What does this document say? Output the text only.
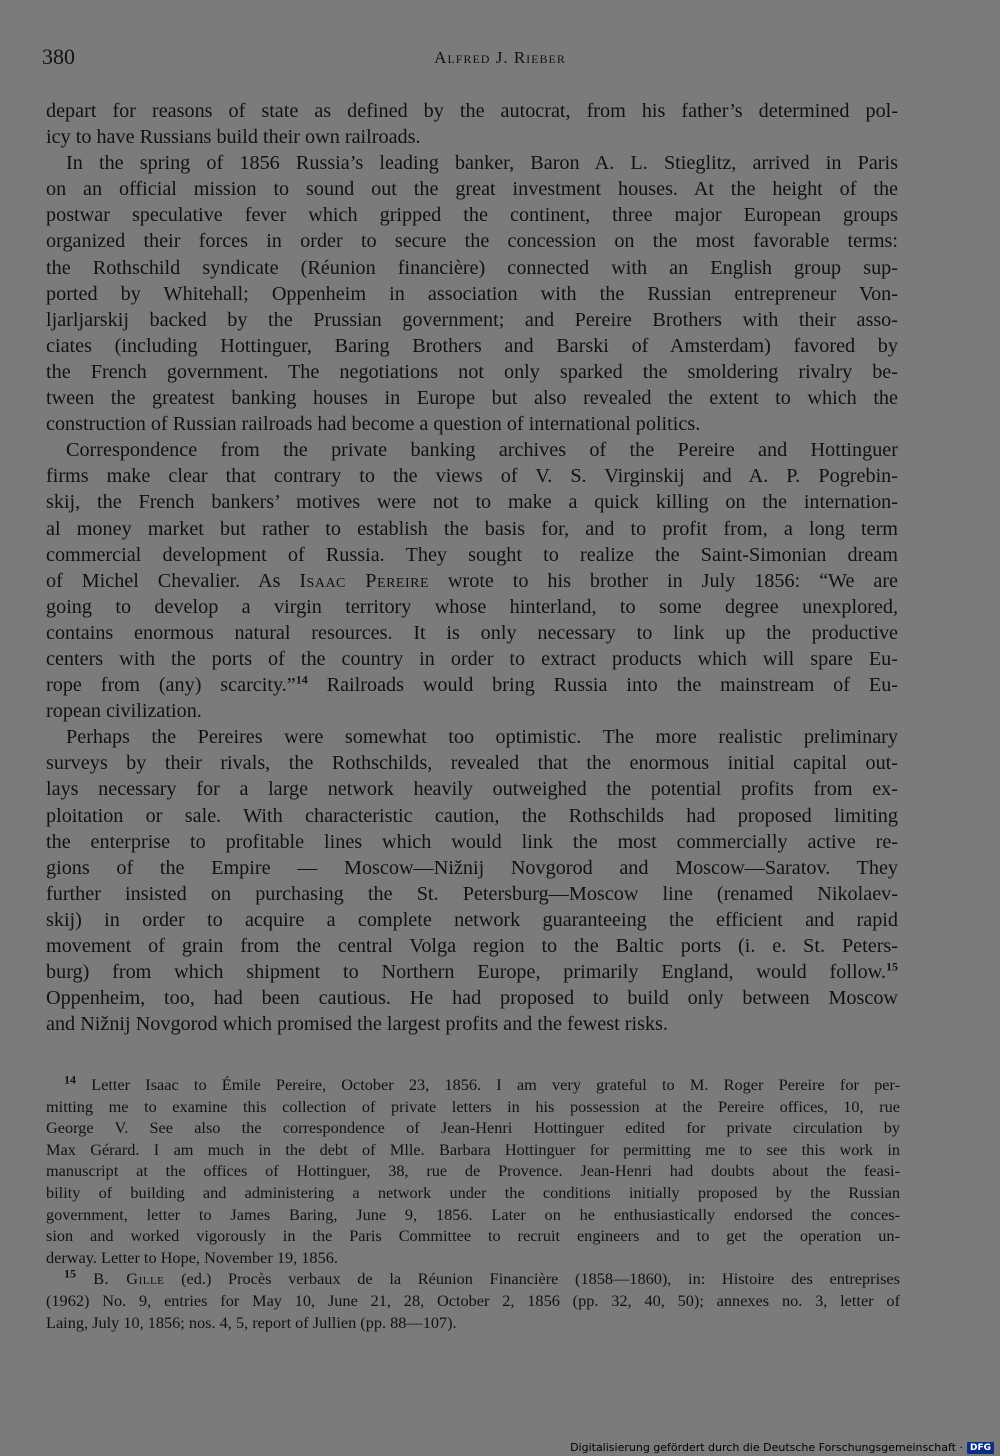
380	Alfred J. Rieber

depart for reasons of state as defined by the autocrat, from his father’s determined pol-
icy to have Russians build their own railroads.

In the spring of 1856 Russia’s leading banker, Baron A. L. Stieglitz, arrived in Paris
on an official mission to sound out the great investment houses. At the height of the
postwar speculative fever which gripped the continent, three major European groups
organized their forces in order to secure the concession on the most favorable terms:
the Rothschild syndicate (Réunion financière) connected with an English group sup-
ported by Whitehall; Oppenheim in association with the Russian entrepreneur Von-
ljarljarskij backed by the Prussian government; and Pereire Brothers with their asso-
ciates (including Hottinguer, Baring Brothers and Barski of Amsterdam) favored by
the French government. The negotiations not only sparked the smoldering rivalry be-
tween the greatest banking houses in Europe but also revealed the extent to which the
construction of Russian railroads had become a question of international politics.

Correspondence from the private banking archives of the Pereire and Hottinguer
firms make clear that contrary to the views of V. S. Virginskij and A. P. Pogrebin-
skij, the French bankers’ motives were not to make a quick killing on the internation-
al money market but rather to establish the basis for, and to profit from, a long term
commercial development of Russia. They sought to realize the Saint-Simonian dream
of Michel Chevalier. As Isaac Pereire wrote to his brother in July 1856: “We are
going to develop a virgin territory whose hinterland, to some degree unexplored,
contains enormous natural resources. It is only necessary to link up the productive
centers with the ports of the country in order to extract products which will spare Eu-
rope from (any) scarcity.”$^{14}$ Railroads would bring Russia into the mainstream of Eu-
ropean civilization.

Perhaps the Pereires were somewhat too optimistic. The more realistic preliminary
surveys by their rivals, the Rothschilds, revealed that the enormous initial capital out-
lays necessary for a large network heavily outweighed the potential profits from ex-
ploitation or sale. With characteristic caution, the Rothschilds had proposed limiting
the enterprise to profitable lines which would link the most commercially active re-
gions of the Empire — Moscow—Nižnij Novgorod and Moscow—Saratov. They
further insisted on purchasing the St. Petersburg—Moscow line (renamed Nikolaev-
skij) in order to acquire a complete network guaranteeing the efficient and rapid
movement of grain from the central Volga region to the Baltic ports (i. e. St. Peters-
burg) from which shipment to Northern Europe, primarily England, would follow.$^{15}$
Oppenheim, too, had been cautious. He had proposed to build only between Moscow
and Nižnij Novgorod which promised the largest profits and the fewest risks.

$^{14}$ Letter Isaac to Émile Pereire, October 23, 1856. I am very grateful to M. Roger Pereire for per-
mitting me to examine this collection of private letters in his possession at the Pereire offices, 10, rue
George V. See also the correspondence of Jean-Henri Hottinguer edited for private circulation by
Max Gérard. I am much in the debt of Mlle. Barbara Hottinguer for permitting me to see this work in
manuscript at the offices of Hottinguer, 38, rue de Provence. Jean-Henri had doubts about the feasi-
bility of building and administering a network under the conditions initially proposed by the Russian
government, letter to James Baring, June 9, 1856. Later on he enthusiastically endorsed the conces-
sion and worked vigorously in the Paris Committee to recruit engineers and to get the operation un-
derway. Letter to Hope, November 19, 1856.
$^{15}$ B. Gille (ed.) Procès verbaux de la Réunion Financière (1858—1860), in: Histoire des entreprises
(1962) No. 9, entries for May 10, June 21, 28, October 2, 1856 (pp. 32, 40, 50); annexes no. 3, letter of
Laing, July 10, 1856; nos. 4, 5, report of Jullien (pp. 88—107).
Digitalisierung gefördert durch die Deutsche Forschungsgemeinschaft · DFG
